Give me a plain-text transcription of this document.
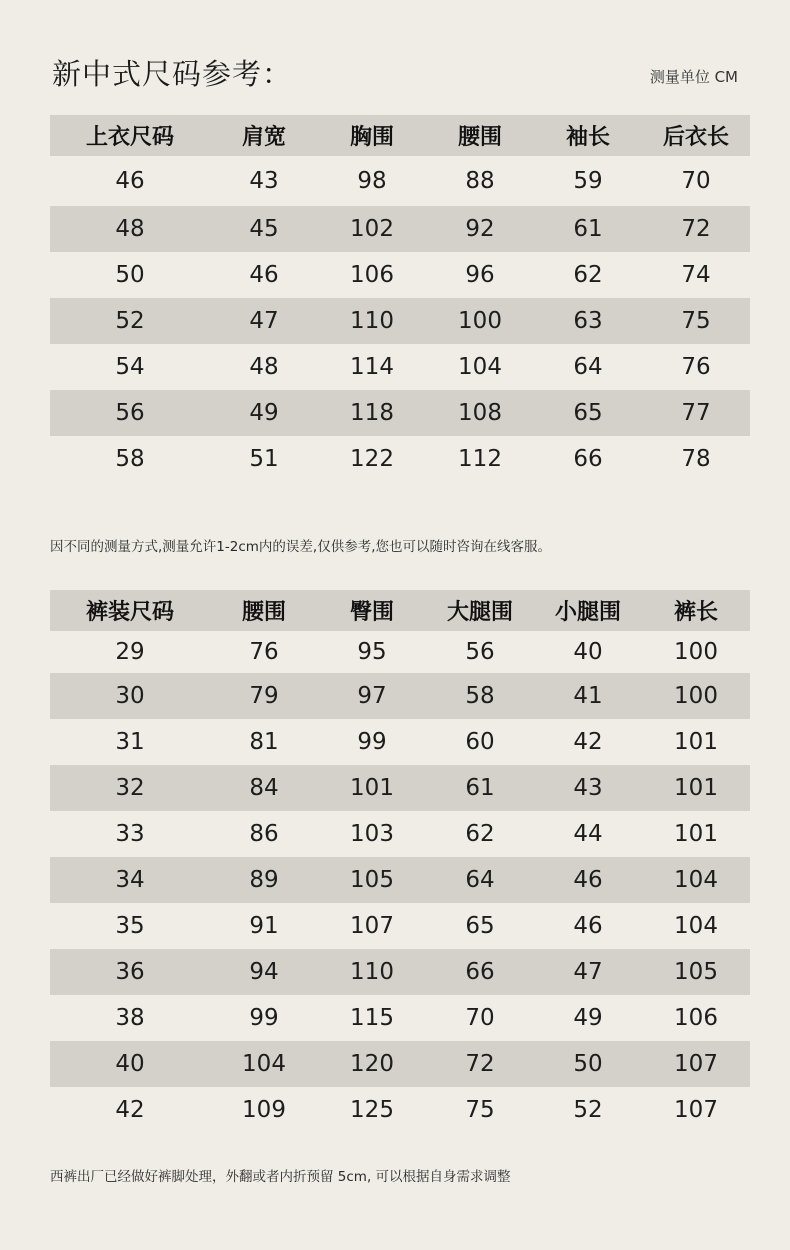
新中式尺码参考：	测量单位 CM
上衣尺码	肩宽	胸围	腰围	袖长	后衣长
46	43	98	88	59	70
48	45	102	92	61	72
50	46	106	96	62	74
52	47	110	100	63	75
54	48	114	104	64	76
56	49	118	108	65	77
58	51	122	112	66	78

因不同的测量方式,测量允许1-2cm内的误差,仅供参考,您也可以随时咨询在线客服。

裤装尺码	腰围	臀围	大腿围	小腿围	裤长
29	76	95	56	40	100
30	79	97	58	41	100
31	81	99	60	42	101
32	84	101	61	43	101
33	86	103	62	44	101
34	89	105	64	46	104
35	91	107	65	46	104
36	94	110	66	47	105
38	99	115	70	49	106
40	104	120	72	50	107
42	109	125	75	52	107

西裤出厂已经做好裤脚处理，外翻或者内折预留 5cm, 可以根据自身需求调整
